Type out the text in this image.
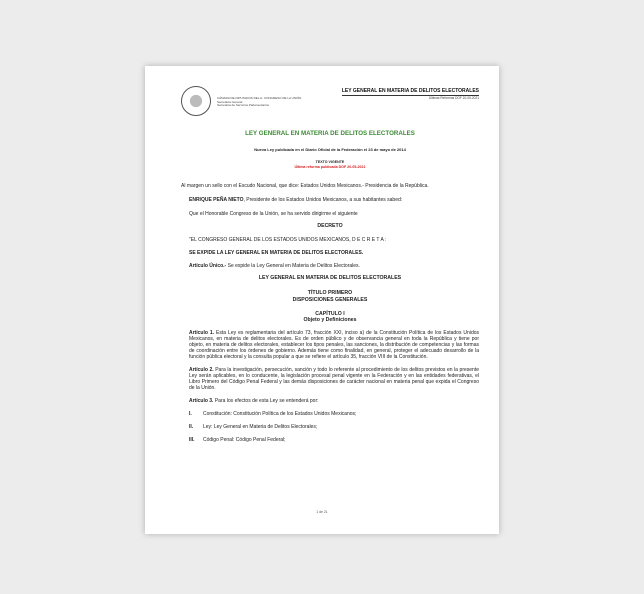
CÁMARA DE DIPUTADOS DEL H. CONGRESO DE LA UNIÓN
Secretaría General
Secretaría de Servicios Parlamentarios
LEY GENERAL EN MATERIA DE DELITOS ELECTORALES
Últimas Reformas DOF 20-05-2021
LEY GENERAL EN MATERIA DE DELITOS ELECTORALES
Nueva Ley publicada en el Diario Oficial de la Federación el 23 de mayo de 2014
TEXTO VIGENTE
Última reforma publicada DOF 20-05-2021

Al margen un sello con el Escudo Nacional, que dice: Estados Unidos Mexicanos.- Presidencia de la República.

ENRIQUE PEÑA NIETO, Presidente de los Estados Unidos Mexicanos, a sus habitantes sabed:

Que el Honorable Congreso de la Unión, se ha servido dirigirme el siguiente

DECRETO

"EL CONGRESO GENERAL DE LOS ESTADOS UNIDOS MEXICANOS, D E C R E T A :

SE EXPIDE LA LEY GENERAL EN MATERIA DE DELITOS ELECTORALES.

Artículo Único.- Se expide la Ley General en Materia de Delitos Electorales.

LEY GENERAL EN MATERIA DE DELITOS ELECTORALES
TÍTULO PRIMERO
DISPOSICIONES GENERALES
CAPÍTULO I
Objeto y Definiciones

Artículo 1. Esta Ley es reglamentaria del artículo 73, fracción XXI, inciso a) de la Constitución Política de los Estados Unidos Mexicanos, en materia de delitos electorales. Es de orden público y de observancia general en toda la República y tiene por objeto, en materia de delitos electorales, establecer los tipos penales, las sanciones, la distribución de competencias y las formas de coordinación entre los órdenes de gobierno. Además tiene como finalidad, en general, proteger el adecuado desarrollo de la función pública electoral y la consulta popular a que se refiere el artículo 35, fracción VIII de la Constitución.

Artículo 2. Para la investigación, persecución, sanción y todo lo referente al procedimiento de los delitos previstos en la presente Ley serán aplicables, en lo conducente, la legislación procesal penal vigente en la Federación y en las entidades federativas, el Libro Primero del Código Penal Federal y las demás disposiciones de carácter nacional en materia penal que expida el Congreso de la Unión.

Artículo 3. Para los efectos de esta Ley se entenderá por:

I.	Constitución: Constitución Política de los Estados Unidos Mexicanos;
II.	Ley: Ley General en Materia de Delitos Electorales;
III.	Código Penal: Código Penal Federal;
1 de 21
